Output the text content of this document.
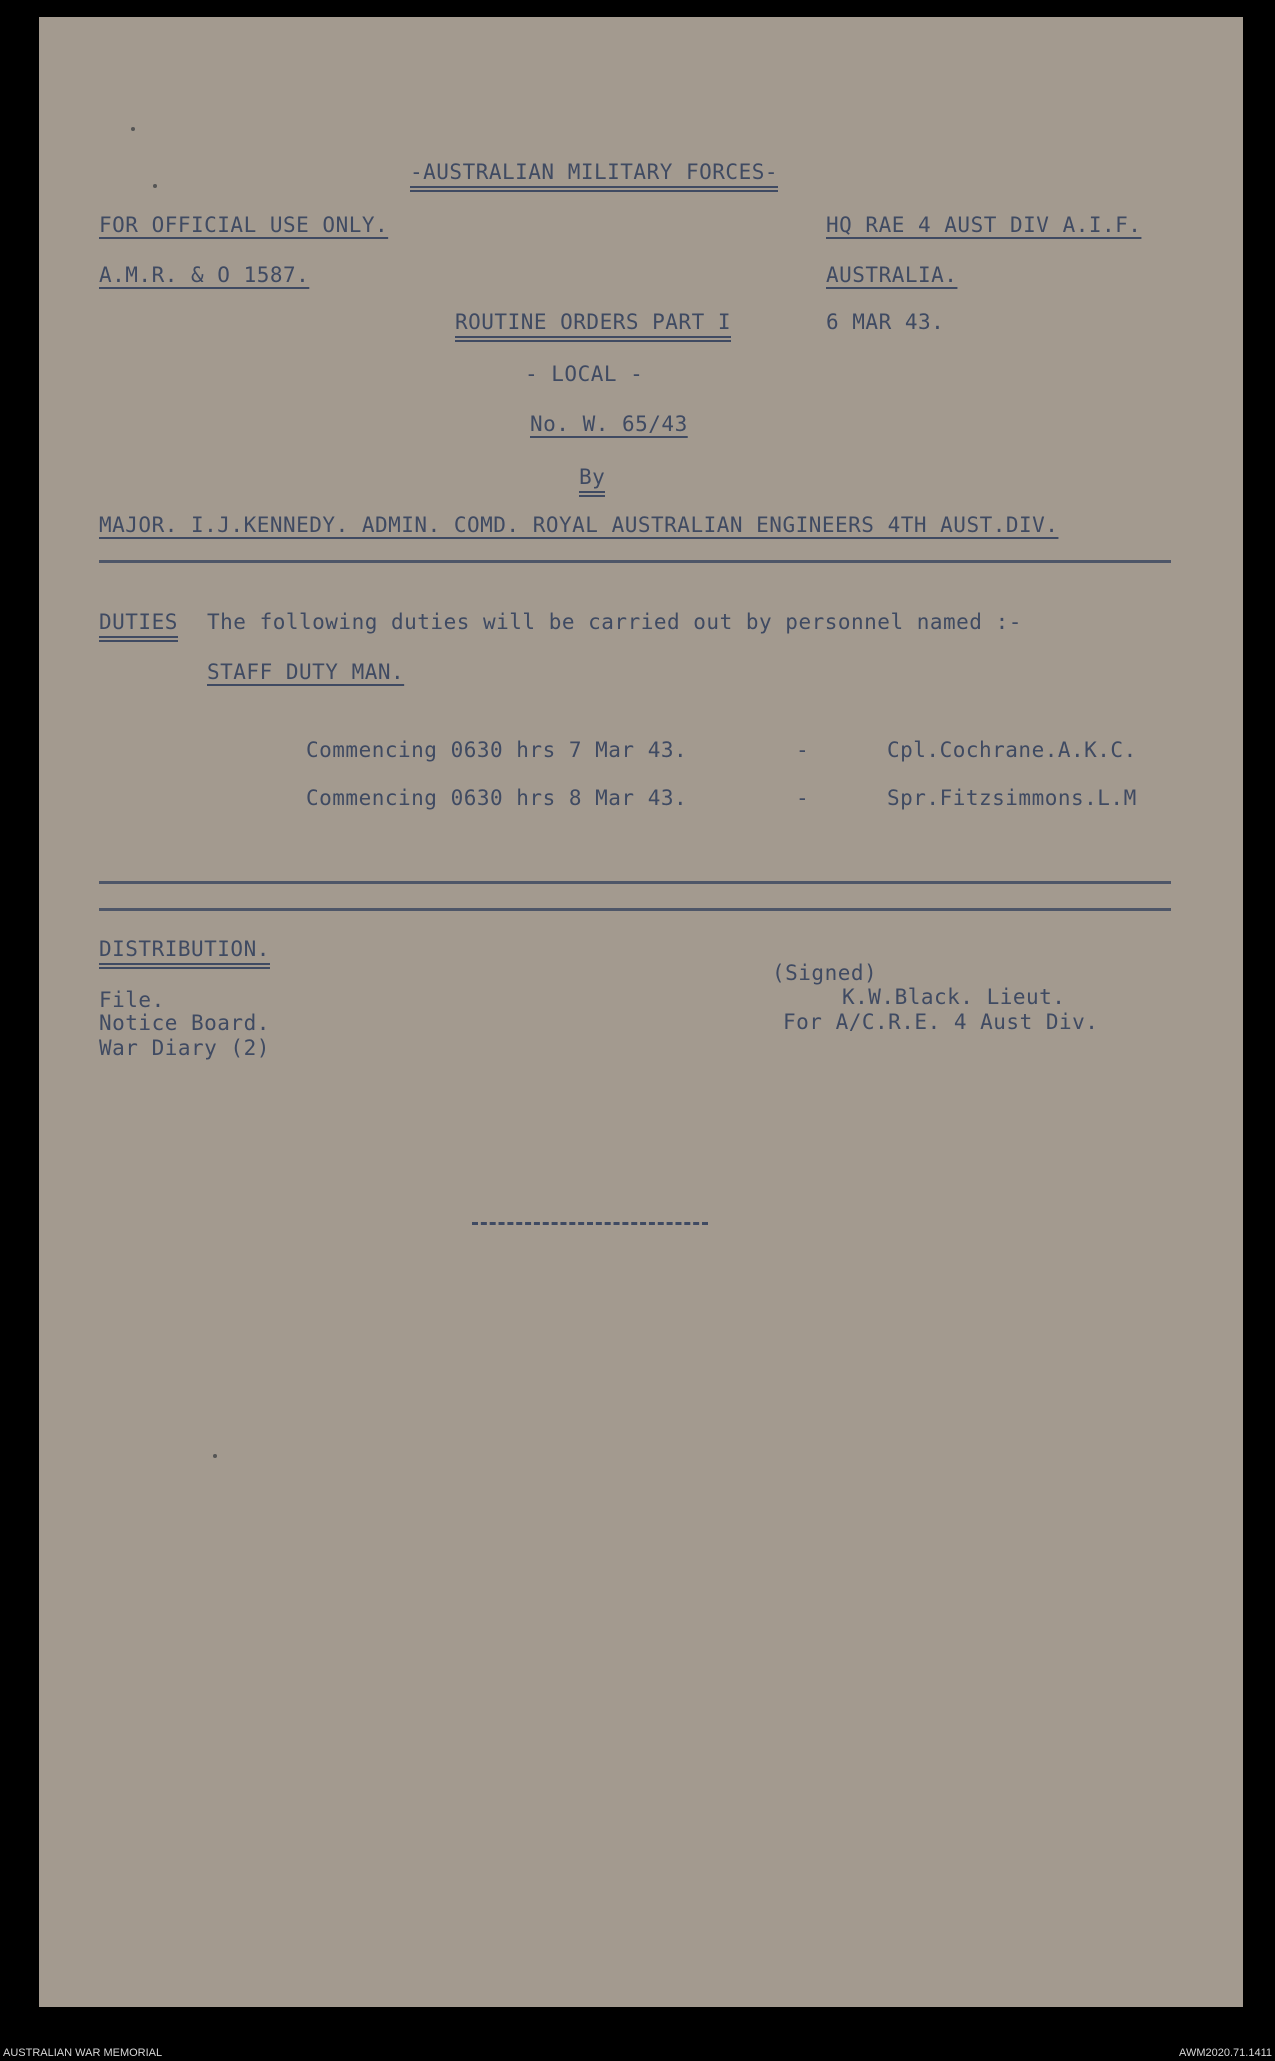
-AUSTRALIAN MILITARY FORCES-
FOR OFFICIAL USE ONLY.	HQ RAE 4 AUST DIV A.I.F.
A.M.R. & O 1587.	AUSTRALIA.
ROUTINE ORDERS PART I	6 MAR 43.
- LOCAL -
No. W. 65/43
By
MAJOR. I.J.KENNEDY. ADMIN. COMD. ROYAL AUSTRALIAN ENGINEERS 4TH AUST.DIV.
DUTIES The following duties will be carried out by personnel named :-
STAFF DUTY MAN.
Commencing 0630 hrs 7 Mar 43.	-	Cpl.Cochrane.A.K.C.
Commencing 0630 hrs 8 Mar 43.	-	Spr.Fitzsimmons.L.M
DISTRIBUTION.
File.
Notice Board.
War Diary (2)
(Signed)
K.W.Black. Lieut.
For A/C.R.E. 4 Aust Div.
AUSTRALIAN WAR MEMORIAL	AWM2020.71.1411
